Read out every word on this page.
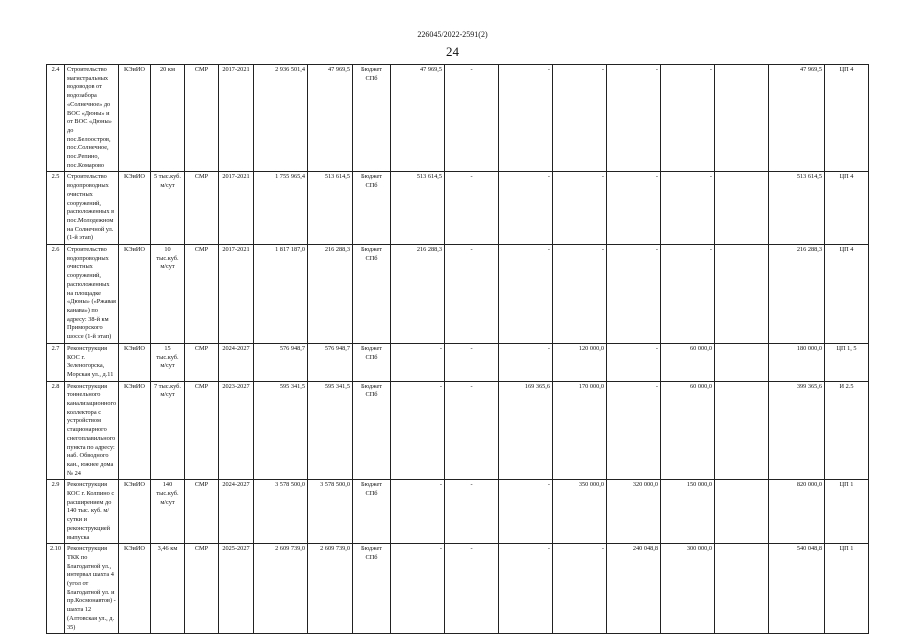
226045/2022-2591(2)
24
2.4	Строительство магистральных водоводов от водозабора «Солнечное» до ВОС «Дюны» и от ВОС «Дюны» до пос.Белоостров, пос.Солнечное, пос.Репино, пос.Комарово	КЭиИО	20 км	СМР	2017-2021	2 936 501,4	47 969,5	Бюджет СПб	47 969,5	-	-	-	-	-		47 969,5	ЦП 4
2.5	Строительство водопроводных очистных сооружений, расположенных в пос.Молодежном на Солнечной ул. (1-й этап)	КЭиИО	5 тыс.куб. м/сут	СМР	2017-2021	1 755 965,4	513 614,5	Бюджет СПб	513 614,5	-	-	-	-	-		513 614,5	ЦП 4
2.6	Строительство водопроводных очистных сооружений, расположенных на площадке «Дюны» («Ржавая канава») по адресу: 38-й км Приморского шоссе (1-й этап)	КЭиИО	10 тыс.куб. м/сут	СМР	2017-2021	1 817 187,0	216 288,3	Бюджет СПб	216 288,3	-	-	-	-	-		216 288,3	ЦП 4
2.7	Реконструкция КОС г. Зеленогорска, Морская ул., д.11	КЭиИО	15 тыс.куб. м/сут	СМР	2024-2027	576 948,7	576 948,7	Бюджет СПб	-	-	-	120 000,0	-	60 000,0		180 000,0	ЦП 1, 5
2.8	Реконструкция тоннельного канализационного коллектора с устройством стационарного снегоплавильного пункта по адресу: наб. Обводного кан., южнее дома № 24	КЭиИО	7 тыс.куб. м/сут	СМР	2023-2027	595 341,5	595 341,5	Бюджет СПб	-	-	169 365,6	170 000,0	-	60 000,0		399 365,6	И 2.5
2.9	Реконструкция КОС г. Колпино с расширением до 140 тыс. куб. м/сутки и реконструкцией выпуска	КЭиИО	140 тыс.куб. м/сут	СМР	2024-2027	3 578 500,0	3 578 500,0	Бюджет СПб	-	-	-	350 000,0	320 000,0	150 000,0		820 000,0	ЦП 1
2.10	Реконструкция ТКК по Благодатной ул., интервал шахта 4 (угол от Благодатной ул. и пр.Космонавтов) - шахта 12 (Алтовская ул., д. 35)	КЭиИО	3,46 км	СМР	2025-2027	2 609 739,0	2 609 739,0	Бюджет СПб	-	-	-	-	240 048,8	300 000,0		540 048,8	ЦП 1
